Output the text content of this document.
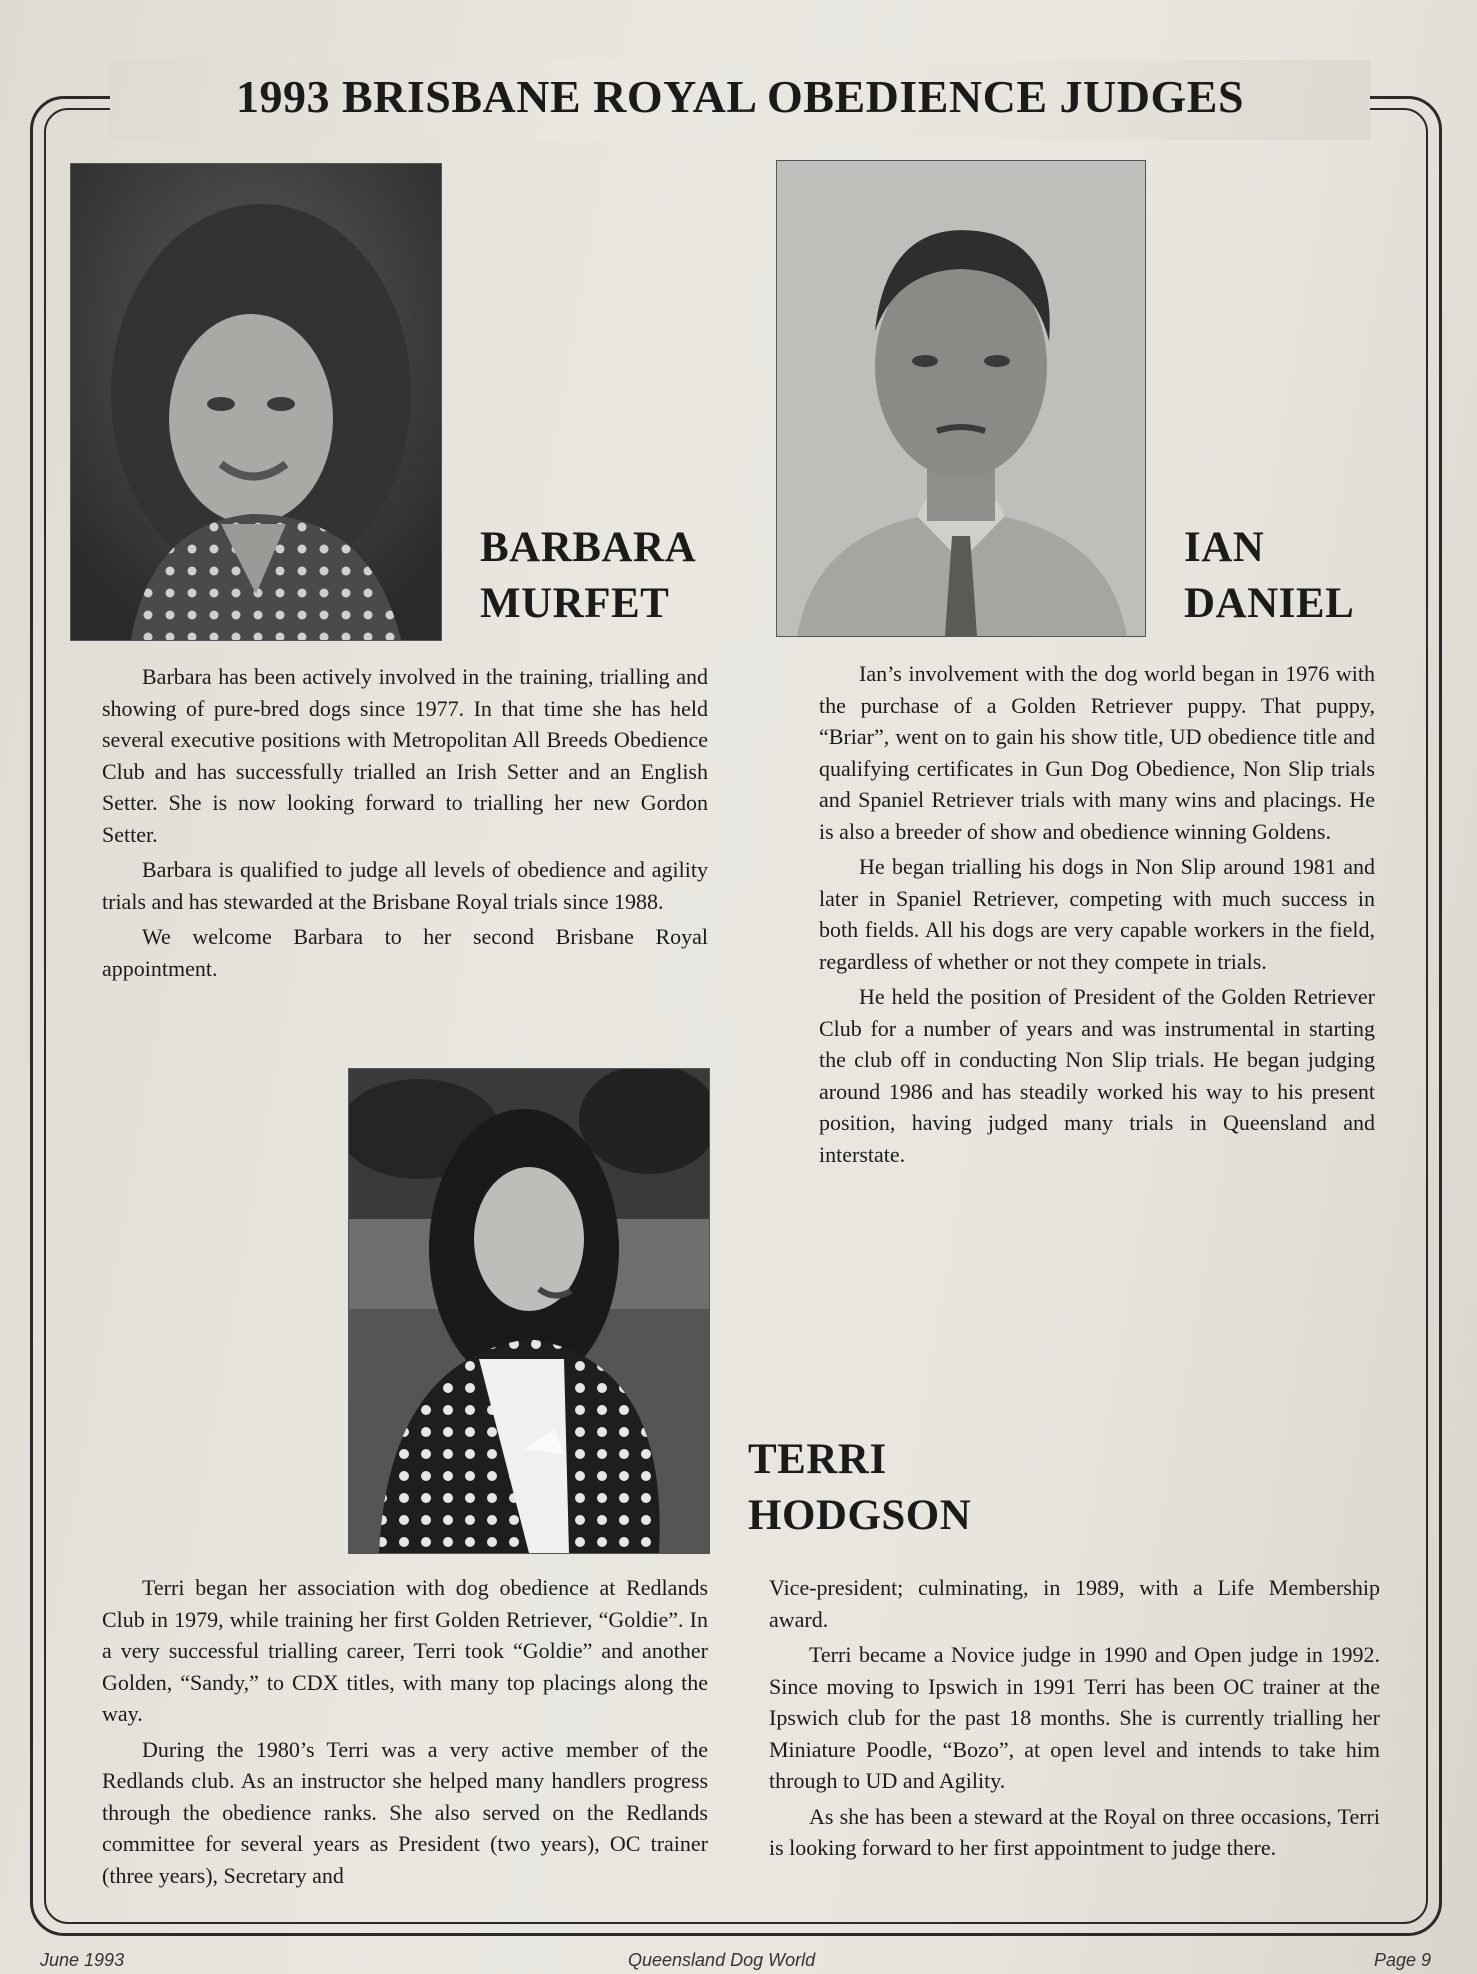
1993 BRISBANE ROYAL OBEDIENCE JUDGES
BARBARA
MURFET

Barbara has been actively involved in the training, trialling and showing of pure-bred dogs since 1977. In that time she has held several executive positions with Metropolitan All Breeds Obedience Club and has successfully trialled an Irish Setter and an English Setter. She is now looking forward to trialling her new Gordon Setter.

Barbara is qualified to judge all levels of obedience and agility trials and has stewarded at the Brisbane Royal trials since 1988.

We welcome Barbara to her second Brisbane Royal appointment.

IAN
DANIEL

Ian’s involvement with the dog world began in 1976 with the purchase of a Golden Retriever puppy. That puppy, “Briar”, went on to gain his show title, UD obedience title and qualifying certificates in Gun Dog Obedience, Non Slip trials and Spaniel Retriever trials with many wins and placings. He is also a breeder of show and obedience winning Goldens.

He began trialling his dogs in Non Slip around 1981 and later in Spaniel Retriever, competing with much success in both fields. All his dogs are very capable workers in the field, regardless of whether or not they compete in trials.

He held the position of President of the Golden Retriever Club for a number of years and was instrumental in starting the club off in conducting Non Slip trials. He began judging around 1986 and has steadily worked his way to his present position, having judged many trials in Queensland and interstate.

TERRI
HODGSON

Terri began her association with dog obedience at Redlands Club in 1979, while training her first Golden Retriever, “Goldie”. In a very successful trialling career, Terri took “Goldie” and another Golden, “Sandy,” to CDX titles, with many top placings along the way.

During the 1980’s Terri was a very active member of the Redlands club. As an instructor she helped many handlers progress through the obedience ranks. She also served on the Redlands committee for several years as President (two years), OC trainer (three years), Secretary and

Vice-president; culminating, in 1989, with a Life Membership award.

Terri became a Novice judge in 1990 and Open judge in 1992. Since moving to Ipswich in 1991 Terri has been OC trainer at the Ipswich club for the past 18 months. She is currently trialling her Miniature Poodle, “Bozo”, at open level and intends to take him through to UD and Agility.

As she has been a steward at the Royal on three occasions, Terri is looking forward to her first appointment to judge there.

June 1993	Queensland Dog World	Page 9
